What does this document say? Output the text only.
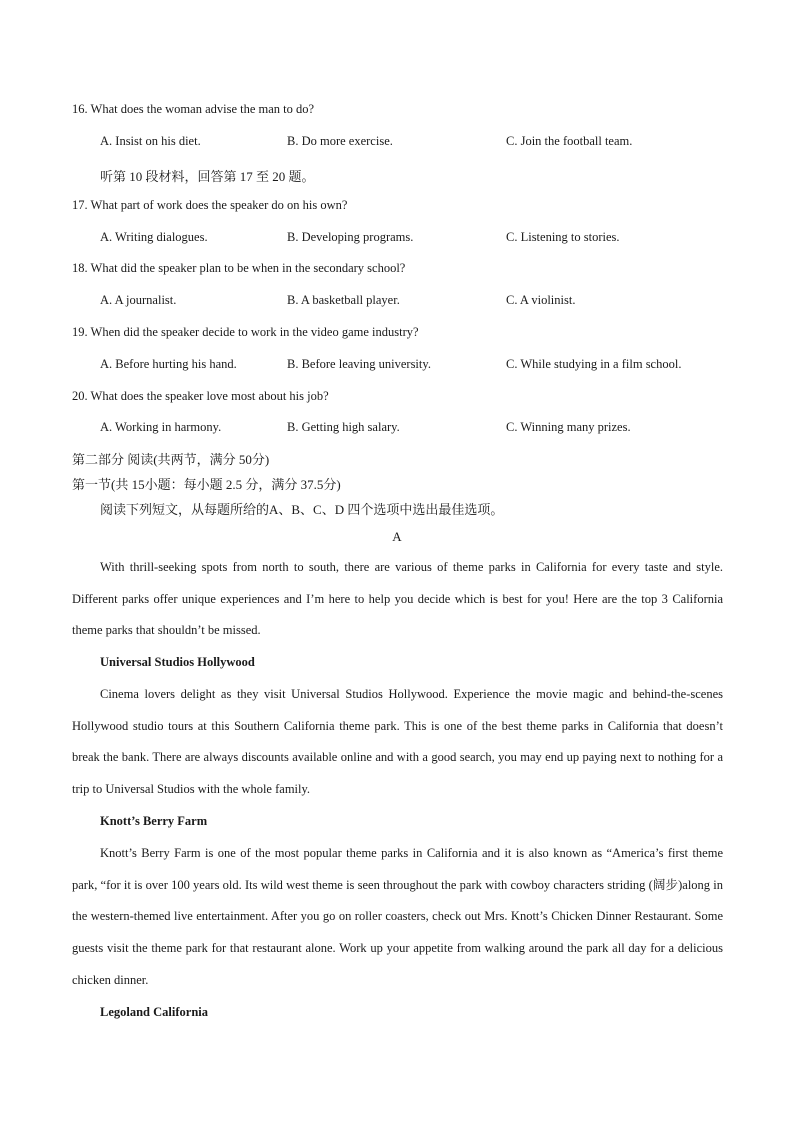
16. What does the woman advise the man to do?
A. Insist on his diet.	B. Do more exercise.	C. Join the football team.
听第 10 段材料，回答第 17 至 20 题。
17. What part of work does the speaker do on his own?
A. Writing dialogues.	B. Developing programs.	C. Listening to stories.
18. What did the speaker plan to be when in the secondary school?
A. A journalist.	B. A basketball player.	C. A violinist.
19. When did the speaker decide to work in the video game industry?
A. Before hurting his hand.	B. Before leaving university.	C. While studying in a film school.
20. What does the speaker love most about his job?
A. Working in harmony.	B. Getting high salary.	C. Winning many prizes.
第二部分 阅读(共两节，满分 50分)
第一节(共 15小题：每小题 2.5 分，满分 37.5分)
阅读下列短文，从每题所给的A、B、C、D 四个选项中选出最佳选项。
A
With thrill-seeking spots from north to south, there are various of theme parks in California for every taste and style. Different parks offer unique experiences and I’m here to help you decide which is best for you! Here are the top 3 California theme parks that shouldn’t be missed.
Universal Studios Hollywood
Cinema lovers delight as they visit Universal Studios Hollywood. Experience the movie magic and behind-the-scenes Hollywood studio tours at this Southern California theme park. This is one of the best theme parks in California that doesn’t break the bank. There are always discounts available online and with a good search, you may end up paying next to nothing for a trip to Universal Studios with the whole family.
Knott’s Berry Farm
Knott’s Berry Farm is one of the most popular theme parks in California and it is also known as “America’s first theme park, “for it is over 100 years old. Its wild west theme is seen throughout the park with cowboy characters striding (阔步)along in the western-themed live entertainment. After you go on roller coasters, check out Mrs. Knott’s Chicken Dinner Restaurant. Some guests visit the theme park for that restaurant alone. Work up your appetite from walking around the park all day for a delicious chicken dinner.
Legoland California
